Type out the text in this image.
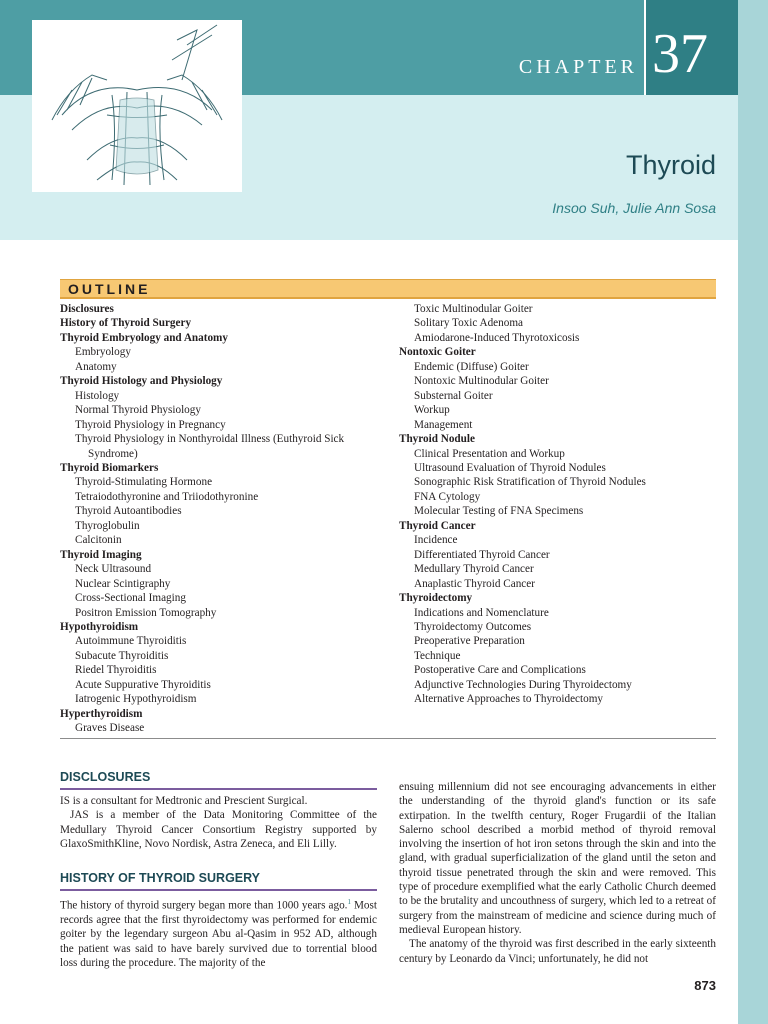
CHAPTER 37
Thyroid
Insoo Suh, Julie Ann Sosa
OUTLINE
Disclosures
History of Thyroid Surgery
Thyroid Embryology and Anatomy
Embryology
Anatomy
Thyroid Histology and Physiology
Histology
Normal Thyroid Physiology
Thyroid Physiology in Pregnancy
Thyroid Physiology in Nonthyroidal Illness (Euthyroid Sick
Syndrome)
Thyroid Biomarkers
Thyroid-Stimulating Hormone
Tetraiodothyronine and Triiodothyronine
Thyroid Autoantibodies
Thyroglobulin
Calcitonin
Thyroid Imaging
Neck Ultrasound
Nuclear Scintigraphy
Cross-Sectional Imaging
Positron Emission Tomography
Hypothyroidism
Autoimmune Thyroiditis
Subacute Thyroiditis
Riedel Thyroiditis
Acute Suppurative Thyroiditis
Iatrogenic Hypothyroidism
Hyperthyroidism
Graves Disease
Toxic Multinodular Goiter
Solitary Toxic Adenoma
Amiodarone-Induced Thyrotoxicosis
Nontoxic Goiter
Endemic (Diffuse) Goiter
Nontoxic Multinodular Goiter
Substernal Goiter
Workup
Management
Thyroid Nodule
Clinical Presentation and Workup
Ultrasound Evaluation of Thyroid Nodules
Sonographic Risk Stratification of Thyroid Nodules
FNA Cytology
Molecular Testing of FNA Specimens
Thyroid Cancer
Incidence
Differentiated Thyroid Cancer
Medullary Thyroid Cancer
Anaplastic Thyroid Cancer
Thyroidectomy
Indications and Nomenclature
Thyroidectomy Outcomes
Preoperative Preparation
Technique
Postoperative Care and Complications
Adjunctive Technologies During Thyroidectomy
Alternative Approaches to Thyroidectomy
DISCLOSURES

IS is a consultant for Medtronic and Prescient Surgical.

JAS is a member of the Data Monitoring Committee of the Medullary Thyroid Cancer Consortium Registry supported by GlaxoSmithKline, Novo Nordisk, Astra Zeneca, and Eli Lilly.

HISTORY OF THYROID SURGERY

The history of thyroid surgery began more than 1000 years ago.$^1$ Most records agree that the first thyroidectomy was performed for endemic goiter by the legendary surgeon Abu al-Qasim in 952 AD, although the patient was said to have barely survived due to torrential blood loss during the procedure. The majority of the

ensuing millennium did not see encouraging advancements in either the understanding of the thyroid gland's function or its safe extirpation. In the twelfth century, Roger Frugardii of the Italian Salerno school described a morbid method of thyroid removal involving the insertion of hot iron setons through the skin and into the gland, with gradual superficialization of the gland until the seton and thyroid tissue penetrated through the skin and were removed. This type of procedure exemplified what the early Catholic Church deemed to be the brutality and uncouthness of surgery, which led to a retreat of surgery from the mainstream of medicine and science during much of medieval European history.

The anatomy of the thyroid was first described in the early sixteenth century by Leonardo da Vinci; unfortunately, he did not

873
